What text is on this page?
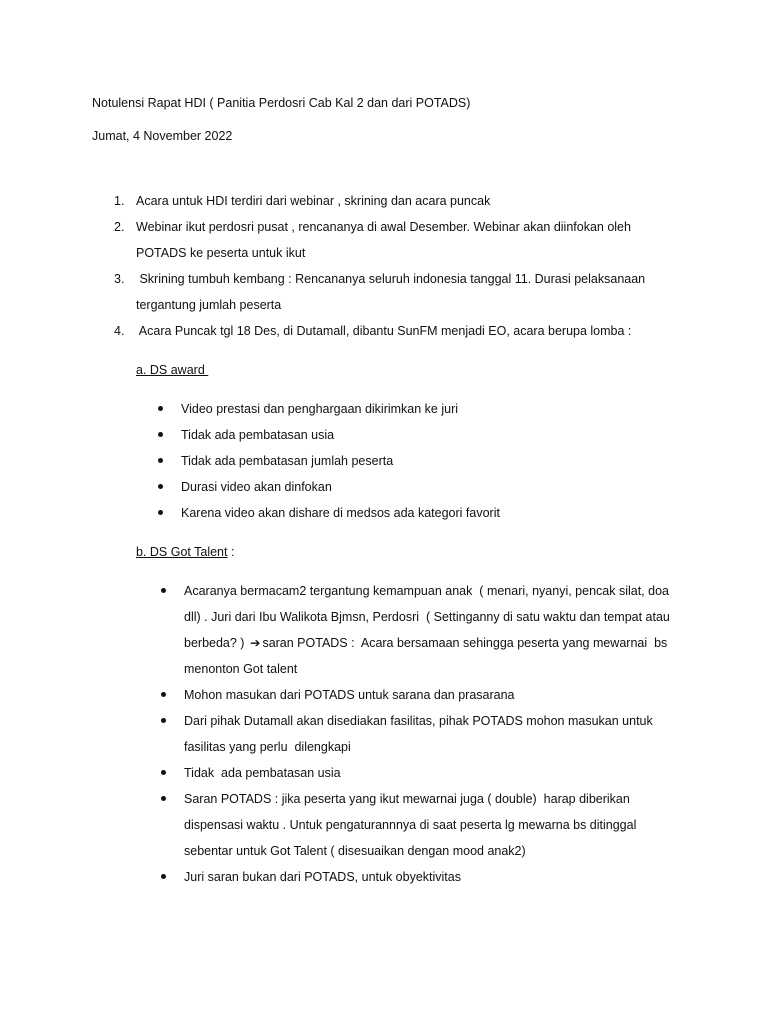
Notulensi Rapat HDI ( Panitia Perdosri Cab Kal 2 dan dari POTADS)
Jumat, 4 November 2022
1. Acara untuk HDI terdiri dari webinar , skrining dan acara puncak
2. Webinar ikut perdosri pusat , rencananya di awal Desember. Webinar akan diinfokan oleh
POTADS ke peserta untuk ikut
3. Skrining tumbuh kembang : Rencananya seluruh indonesia tanggal 11. Durasi pelaksanaan
tergantung jumlah peserta
4. Acara Puncak tgl 18 Des, di Dutamall, dibantu SunFM menjadi EO, acara berupa lomba :
a. DS award
Video prestasi dan penghargaan dikirimkan ke juri
Tidak ada pembatasan usia
Tidak ada pembatasan jumlah peserta
Durasi video akan dinfokan
Karena video akan dishare di medsos ada kategori favorit
b. DS Got Talent :
Acaranya bermacam2 tergantung kemampuan anak  ( menari, nyanyi, pencak silat, doa
dll) . Juri dari Ibu Walikota Bjmsn, Perdosri  ( Settinganny di satu waktu dan tempat atau
berbeda? ) ➔ saran POTADS :  Acara bersamaan sehingga peserta yang mewarnai  bs
menonton Got talent
Mohon masukan dari POTADS untuk sarana dan prasarana
Dari pihak Dutamall akan disediakan fasilitas, pihak POTADS mohon masukan untuk
fasilitas yang perlu  dilengkapi
Tidak  ada pembatasan usia
Saran POTADS : jika peserta yang ikut mewarnai juga ( double)  harap diberikan
dispensasi waktu . Untuk pengaturannnya di saat peserta lg mewarna bs ditinggal
sebentar untuk Got Talent ( disesuaikan dengan mood anak2)
Juri saran bukan dari POTADS, untuk obyektivitas
